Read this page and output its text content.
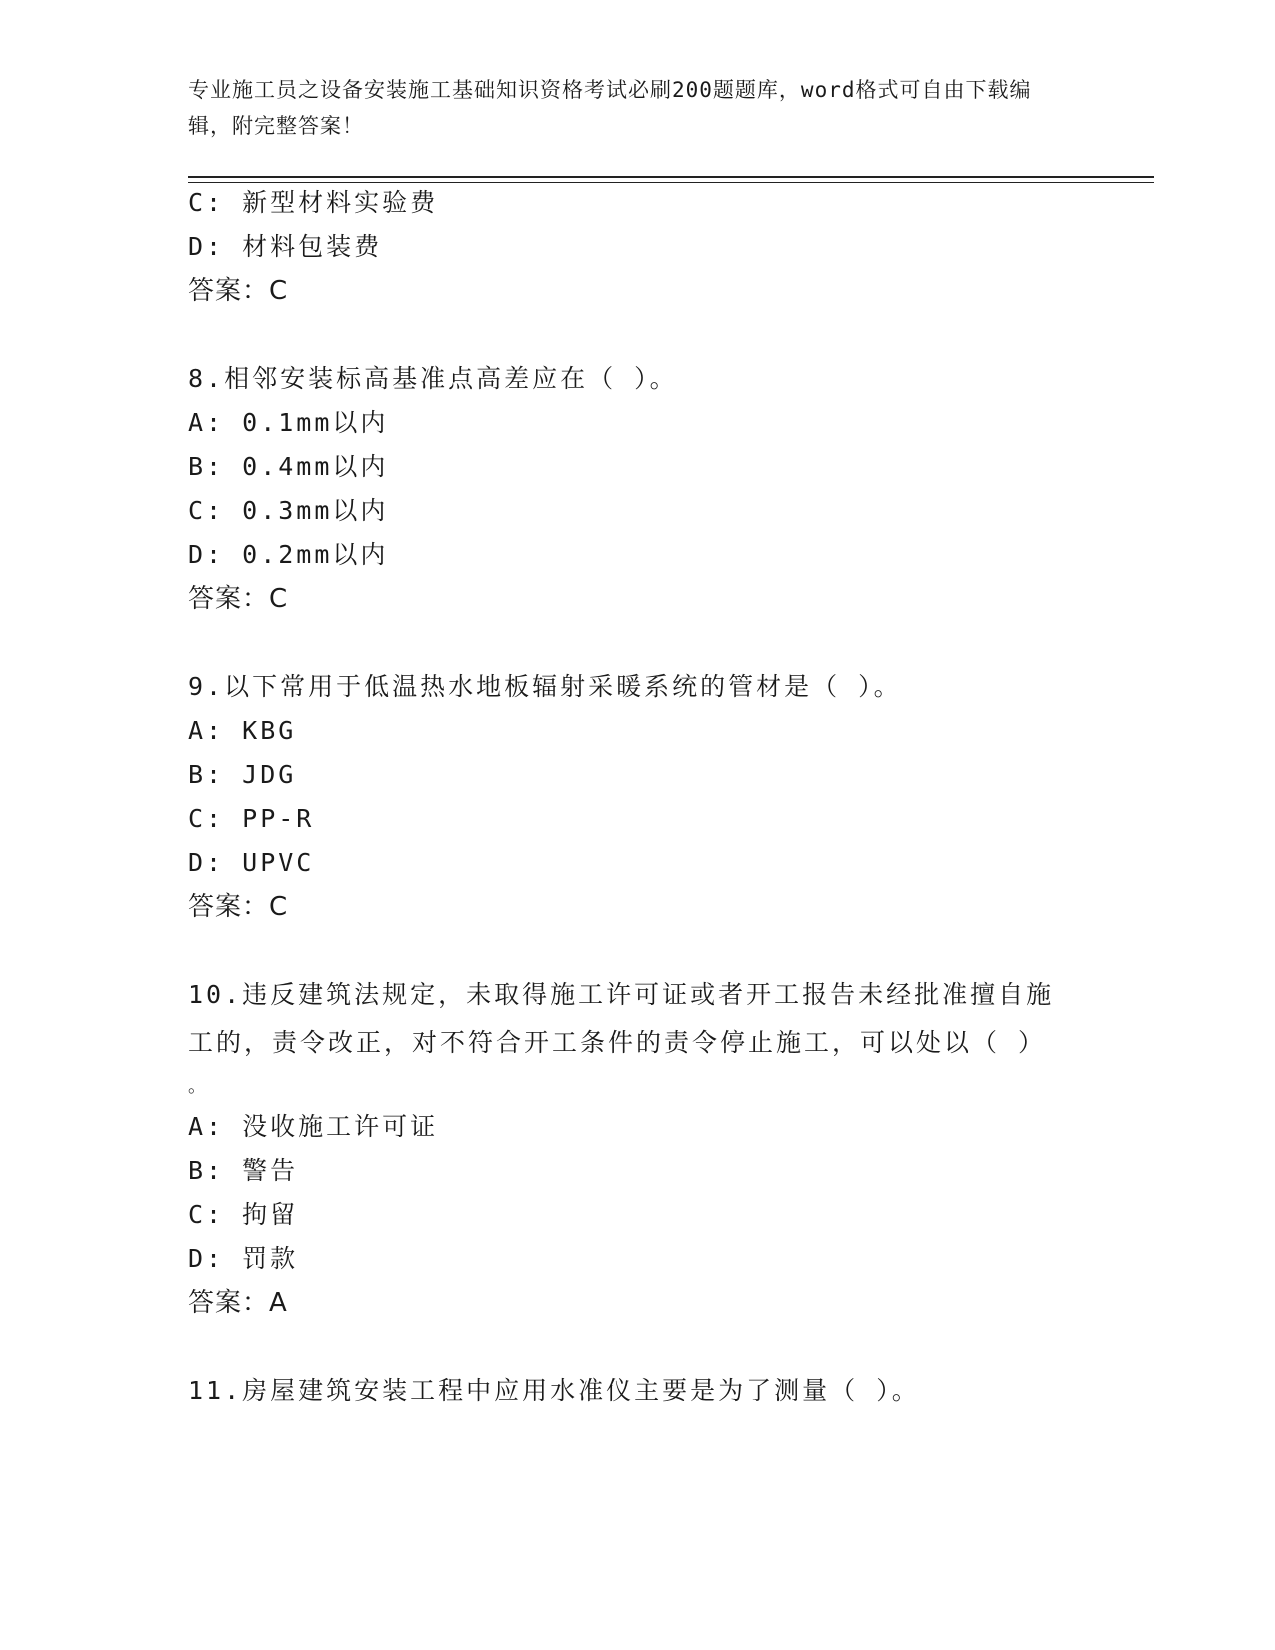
专业施工员之设备安装施工基础知识资格考试必刷200题题库，word格式可自由下载编辑，附完整答案！
C: 新型材料实验费
D: 材料包装费
答案：C
8.相邻安装标高基准点高差应在（ ）。
A: 0.1mm以内
B: 0.4mm以内
C: 0.3mm以内
D: 0.2mm以内
答案：C
9.以下常用于低温热水地板辐射采暖系统的管材是（ ）。
A: KBG
B: JDG
C: PP-R
D: UPVC
答案：C
10.违反建筑法规定，未取得施工许可证或者开工报告未经批准擅自施
工的，责令改正，对不符合开工条件的责令停止施工，可以处以（ ）
。
A: 没收施工许可证
B: 警告
C: 拘留
D: 罚款
答案：A
11.房屋建筑安装工程中应用水准仪主要是为了测量（ ）。
